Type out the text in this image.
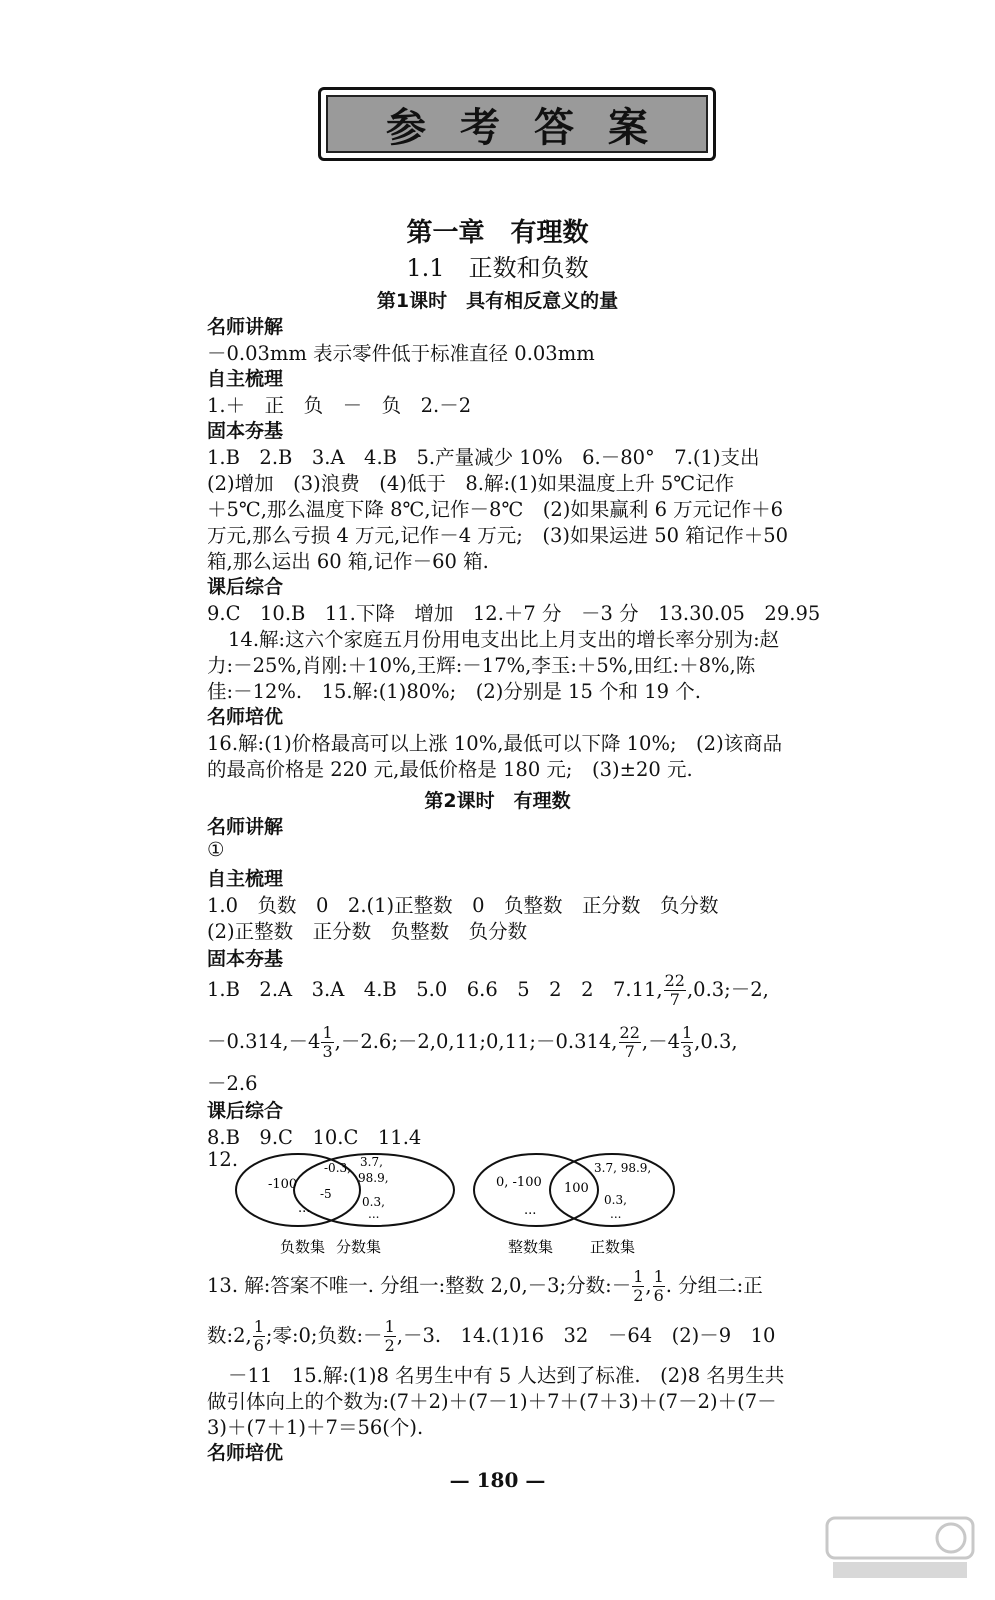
参考答案
第一章　有理数
1.1　正数和负数
第1课时　具有相反意义的量
名师讲解
－0.03mm 表示零件低于标准直径 0.03mm
自主梳理
1.＋　正　负　－　负　2.－2
固本夯基
1.B　2.B　3.A　4.B　5.产量减少 10%　6.－80°　7.(1)支出
(2)增加　(3)浪费　(4)低于　8.解:(1)如果温度上升 5℃记作
＋5℃,那么温度下降 8℃,记作－8℃　(2)如果赢利 6 万元记作＋6
万元,那么亏损 4 万元,记作－4 万元;　(3)如果运进 50 箱记作＋50
箱,那么运出 60 箱,记作－60 箱.
课后综合
9.C　10.B　11.下降　增加　12.＋7 分　－3 分　13.30.05　29.95
14.解:这六个家庭五月份用电支出比上月支出的增长率分别为:赵
力:－25%,肖刚:＋10%,王辉:－17%,李玉:＋5%,田红:＋8%,陈
佳:－12%.　15.解:(1)80%;　(2)分别是 15 个和 19 个.
名师培优
16.解:(1)价格最高可以上涨 10%,最低可以下降 10%;　(2)该商品
的最高价格是 220 元,最低价格是 180 元;　(3)±20 元.
第2课时　有理数
名师讲解
①
自主梳理
1.0　负数　0　2.(1)正整数　0　负整数　正分数　负分数
(2)正整数　正分数　负整数　负分数
固本夯基
1.B　2.A　3.A　4.B　5.0　6.6　5　2　2　7.11, $\frac{22}{7}$ ,0.3;－2,
$-0.314,-4 \frac{1}{3}$ ,－2.6;－2,0,11;0,11;－0.314, $\frac{22}{7} ,-4 \frac{1}{3} ,0.3$,
－2.6
课后综合
8.B　9.C　10.C　11.4
12.
-100
...
-0.3,
-5
3.7,
98.9,
0.3,
...
0, -100
...
100
3.7, 98.9,
0.3,
...
负数集 分数集	整数集 正数集
13. 解:答案不唯一. 分组一:整数 2,0,－3;分数:－ $\frac{1}{2}$ , $\frac{1}{6}$ . 分组二:正
数:2, $\frac{1}{6}$ ;零:0;负数:－ $\frac{1}{2} ,-3$.　14.(1)16　32　－64　(2)－9　10
－11　15.解:(1)8 名男生中有 5 人达到了标准.　(2)8 名男生共
做引体向上的个数为:(7＋2)＋(7－1)＋7＋(7＋3)＋(7－2)＋(7－
3)＋(7＋1)＋7＝56(个).
名师培优
— 180 —
